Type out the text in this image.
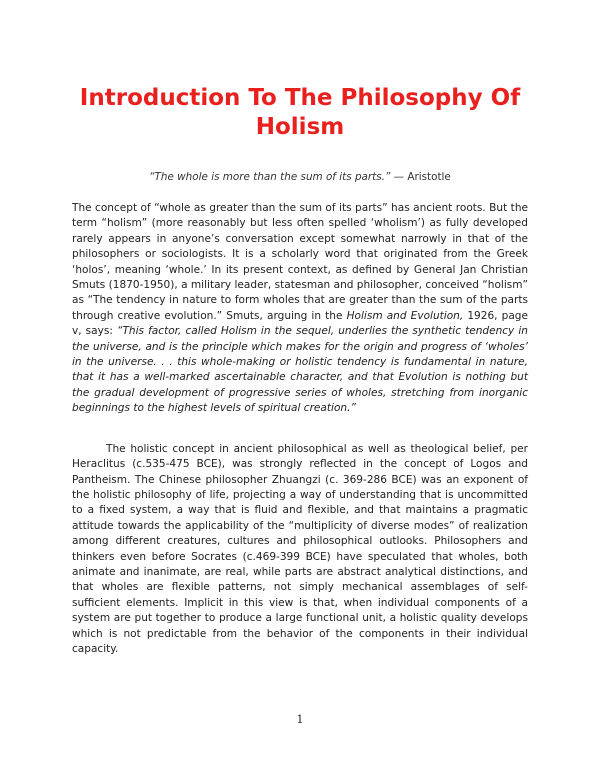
Introduction To The Philosophy Of Holism

“The whole is more than the sum of its parts.” — Aristotle

The concept of “whole as greater than the sum of its parts” has ancient roots. But the term “holism” (more reasonably but less often spelled ‘wholism’) as fully developed rarely appears in anyone’s conversation except somewhat narrowly in that of the philosophers or sociologists. It is a scholarly word that originated from the Greek ‘holos’, meaning ‘whole.’ In its present context, as defined by General Jan Christian Smuts (1870-1950), a military leader, statesman and philosopher, conceived “holism” as “The tendency in nature to form wholes that are greater than the sum of the parts through creative evolution.” Smuts, arguing in the Holism and Evolution, 1926, page v, says: “This factor, called Holism in the sequel, underlies the synthetic tendency in the universe, and is the principle which makes for the origin and progress of ‘wholes’ in the universe. . . this whole-making or holistic tendency is fundamental in nature, that it has a well-marked ascertainable character, and that Evolution is nothing but the gradual development of progressive series of wholes, stretching from inorganic beginnings to the highest levels of spiritual creation.”

The holistic concept in ancient philosophical as well as theological belief, per Heraclitus (c.535-475 BCE), was strongly reflected in the concept of Logos and Pantheism. The Chinese philosopher Zhuangzi (c. 369-286 BCE) was an exponent of the holistic philosophy of life, projecting a way of understanding that is uncommitted to a fixed system, a way that is fluid and flexible, and that maintains a pragmatic attitude towards the applicability of the “multiplicity of diverse modes” of realization among different creatures, cultures and philosophical outlooks. Philosophers and thinkers even before Socrates (c.469-399 BCE) have speculated that wholes, both animate and inanimate, are real, while parts are abstract analytical distinctions, and that wholes are flexible patterns, not simply mechanical assemblages of self-sufficient elements. Implicit in this view is that, when individual components of a system are put together to produce a large functional unit, a holistic quality develops which is not predictable from the behavior of the components in their individual capacity.

1
